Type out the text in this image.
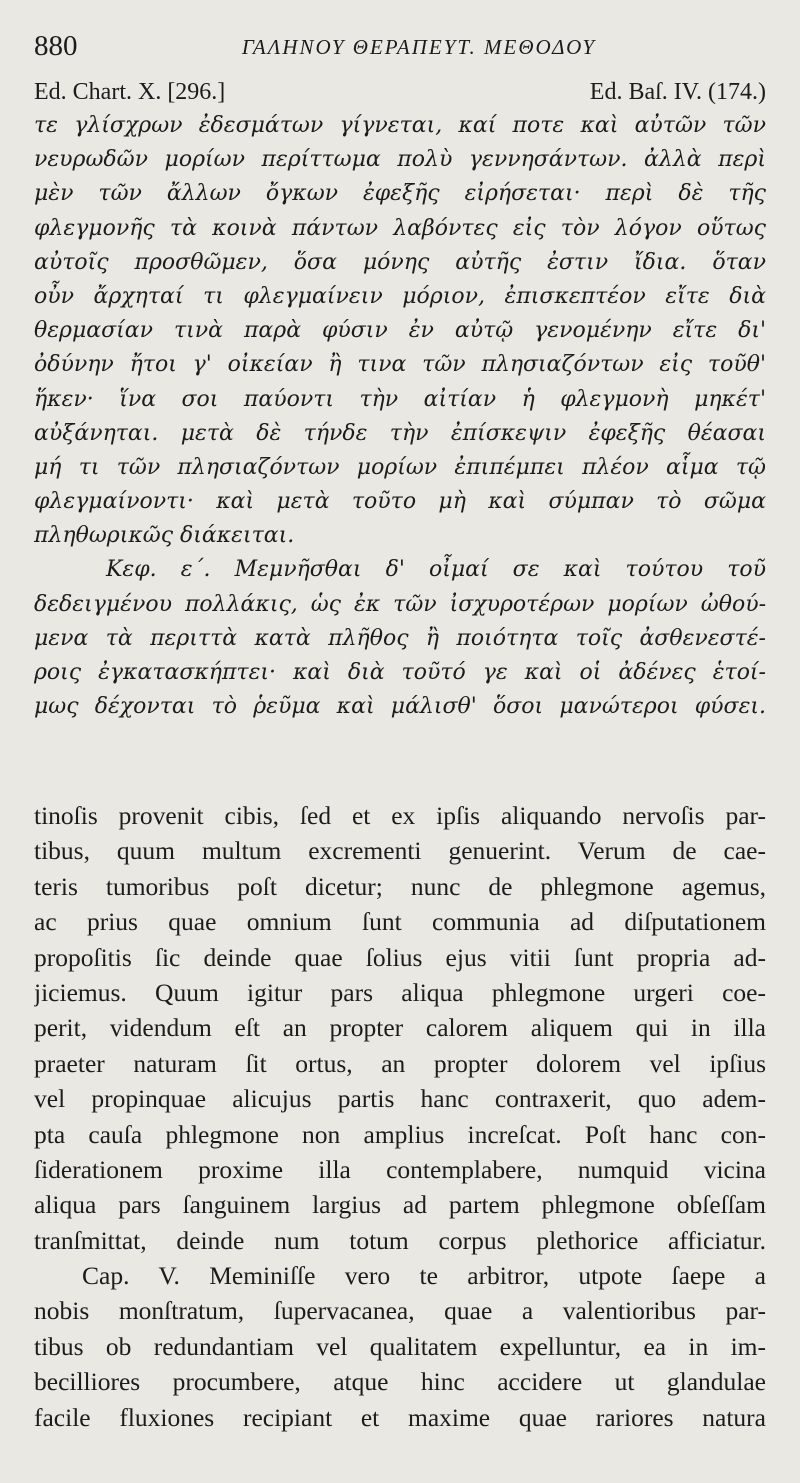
880	ΓΑΛΗΝΟΥ ΘΕΡΑΠΕΥΤ. ΜΕΘΟΔΟΥ
Ed. Chart. X. [296.]	Ed. Baſ. IV. (174.)
τε γλίσχρων ἐδεσμάτων γίγνεται, καί ποτε καὶ αὐτῶν τῶν
νευρωδῶν μορίων περίττωμα πολὺ γεννησάντων. ἀλλὰ περὶ
μὲν τῶν ἄλλων ὄγκων ἐφεξῆς εἰρήσεται· περὶ δὲ τῆς
φλεγμονῆς τὰ κοινὰ πάντων λαβόντες εἰς τὸν λόγον οὕτως
αὐτοῖς προσθῶμεν, ὅσα μόνης αὐτῆς ἐστιν ἴδια. ὅταν
οὖν ἄρχηταί τι φλεγμαίνειν μόριον, ἐπισκεπτέον εἴτε διὰ
θερμασίαν τινὰ παρὰ φύσιν ἐν αὐτῷ γενομένην εἴτε δι'
ὀδύνην ἤτοι γ' οἰκείαν ἢ τινα τῶν πλησιαζόντων εἰς τοῦθ'
ἥκεν· ἵνα σοι παύοντι τὴν αἰτίαν ἡ φλεγμονὴ μηκέτ'
αὐξάνηται. μετὰ δὲ τήνδε τὴν ἐπίσκεψιν ἐφεξῆς θέασαι
μή τι τῶν πλησιαζόντων μορίων ἐπιπέμπει πλέον αἷμα τῷ
φλεγμαίνοντι· καὶ μετὰ τοῦτο μὴ καὶ σύμπαν τὸ σῶμα
πληθωρικῶς διάκειται.
Κεφ. ε΄. Μεμνῆσθαι δ' οἶμαί σε καὶ τούτου τοῦ
δεδειγμένου πολλάκις, ὡς ἐκ τῶν ἰσχυροτέρων μορίων ὠθού-
μενα τὰ περιττὰ κατὰ πλῆθος ἢ ποιότητα τοῖς ἀσθενεστέ-
ροις ἐγκατασκήπτει· καὶ διὰ τοῦτό γε καὶ οἱ ἀδένες ἑτοί-
μως δέχονται τὸ ῥεῦμα καὶ μάλισθ' ὅσοι μανώτεροι φύσει.
tinoſis provenit cibis, ſed et ex ipſis aliquando nervoſis par-
tibus, quum multum excrementi genuerint. Verum de cae-
teris tumoribus poſt dicetur; nunc de phlegmone agemus,
ac prius quae omnium ſunt communia ad diſputationem
propoſitis ſic deinde quae ſolius ejus vitii ſunt propria ad-
jiciemus. Quum igitur pars aliqua phlegmone urgeri coe-
perit, videndum eſt an propter calorem aliquem qui in illa
praeter naturam ſit ortus, an propter dolorem vel ipſius
vel propinquae alicujus partis hanc contraxerit, quo adem-
pta cauſa phlegmone non amplius increſcat. Poſt hanc con-
ſiderationem proxime illa contemplabere, numquid vicina
aliqua pars ſanguinem largius ad partem phlegmone obſeſſam
tranſmittat, deinde num totum corpus plethorice afficiatur.
Cap. V. Meminiſſe vero te arbitror, utpote ſaepe a
nobis monſtratum, ſupervacanea, quae a valentioribus par-
tibus ob redundantiam vel qualitatem expelluntur, ea in im-
becilliores procumbere, atque hinc accidere ut glandulae
facile fluxiones recipiant et maxime quae rariores natura
